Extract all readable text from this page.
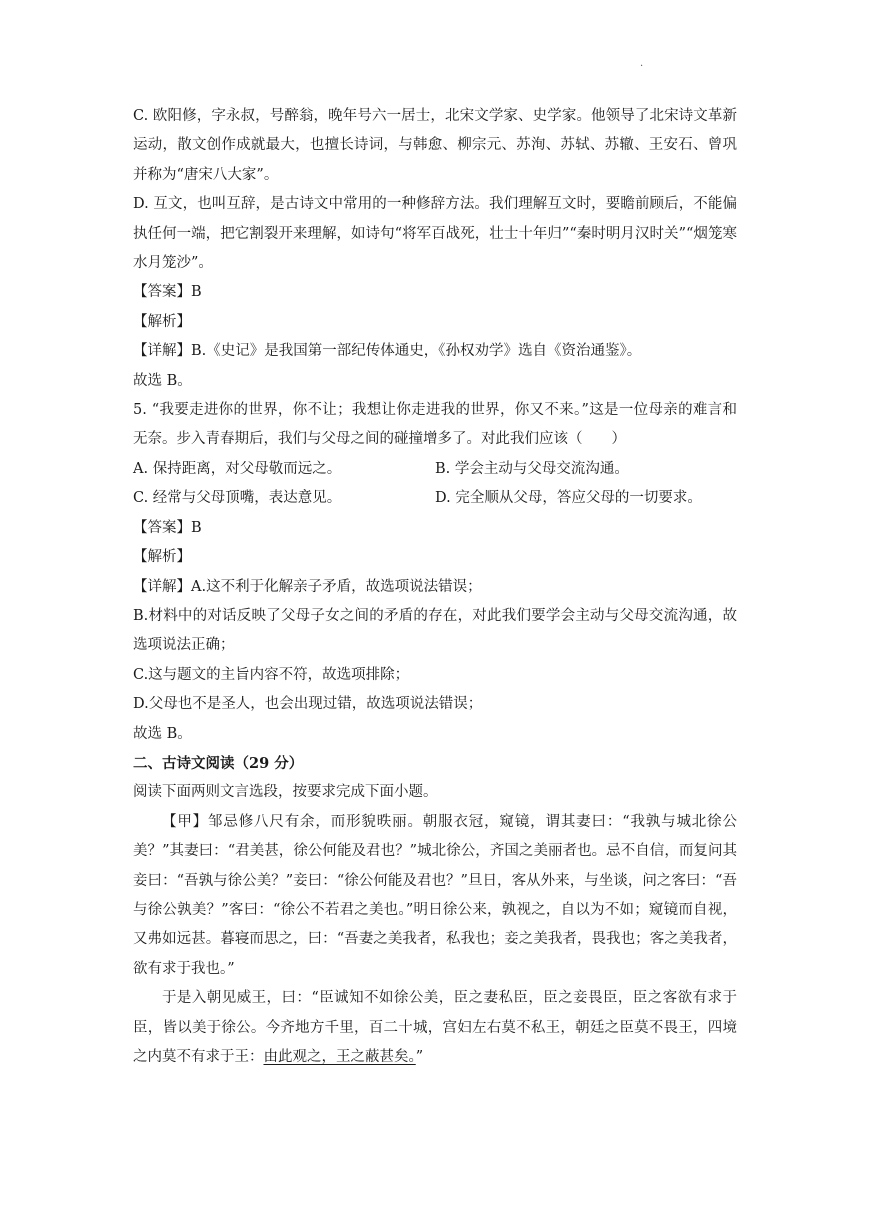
.

C. 欧阳修，字永叔，号醉翁，晚年号六一居士，北宋文学家、史学家。他领导了北宋诗文革新运动，散文创作成就最大，也擅长诗词，与韩愈、柳宗元、苏洵、苏轼、苏辙、王安石、曾巩并称为“唐宋八大家”。

D. 互文，也叫互辞，是古诗文中常用的一种修辞方法。我们理解互文时，要瞻前顾后，不能偏执任何一端，把它割裂开来理解，如诗句“将军百战死，壮士十年归”“秦时明月汉时关”“烟笼寒水月笼沙”。

【答案】B

【解析】

【详解】B.《史记》是我国第一部纪传体通史，《孙权劝学》选自《资治通鉴》。

故选 B。

5. “我要走进你的世界，你不让；我想让你走进我的世界，你又不来。”这是一位母亲的难言和无奈。步入青春期后，我们与父母之间的碰撞增多了。对此我们应该（　　）

A. 保持距离，对父母敬而远之。	B. 学会主动与父母交流沟通。
C. 经常与父母顶嘴，表达意见。	D. 完全顺从父母，答应父母的一切要求。

【答案】B

【解析】

【详解】A.这不利于化解亲子矛盾，故选项说法错误；

B.材料中的对话反映了父母子女之间的矛盾的存在，对此我们要学会主动与父母交流沟通，故选项说法正确；

C.这与题文的主旨内容不符，故选项排除；

D.父母也不是圣人，也会出现过错，故选项说法错误；

故选 B。

二、古诗文阅读（29 分）

阅读下面两则文言选段，按要求完成下面小题。

【甲】邹忌修八尺有余，而形貌昳丽。朝服衣冠，窥镜，谓其妻曰：“我孰与城北徐公美？”其妻曰：“君美甚，徐公何能及君也？”城北徐公，齐国之美丽者也。忌不自信，而复问其妾曰：“吾孰与徐公美？”妾曰：“徐公何能及君也？”旦日，客从外来，与坐谈，问之客曰：“吾与徐公孰美？”客曰：“徐公不若君之美也。”明日徐公来，孰视之，自以为不如；窥镜而自视，又弗如远甚。暮寝而思之，曰：“吾妻之美我者，私我也；妾之美我者，畏我也；客之美我者，欲有求于我也。”

于是入朝见威王，曰：“臣诚知不如徐公美，臣之妻私臣，臣之妾畏臣，臣之客欲有求于臣，皆以美于徐公。今齐地方千里，百二十城，宫妇左右莫不私王，朝廷之臣莫不畏王，四境之内莫不有求于王：由此观之，王之蔽甚矣。”
